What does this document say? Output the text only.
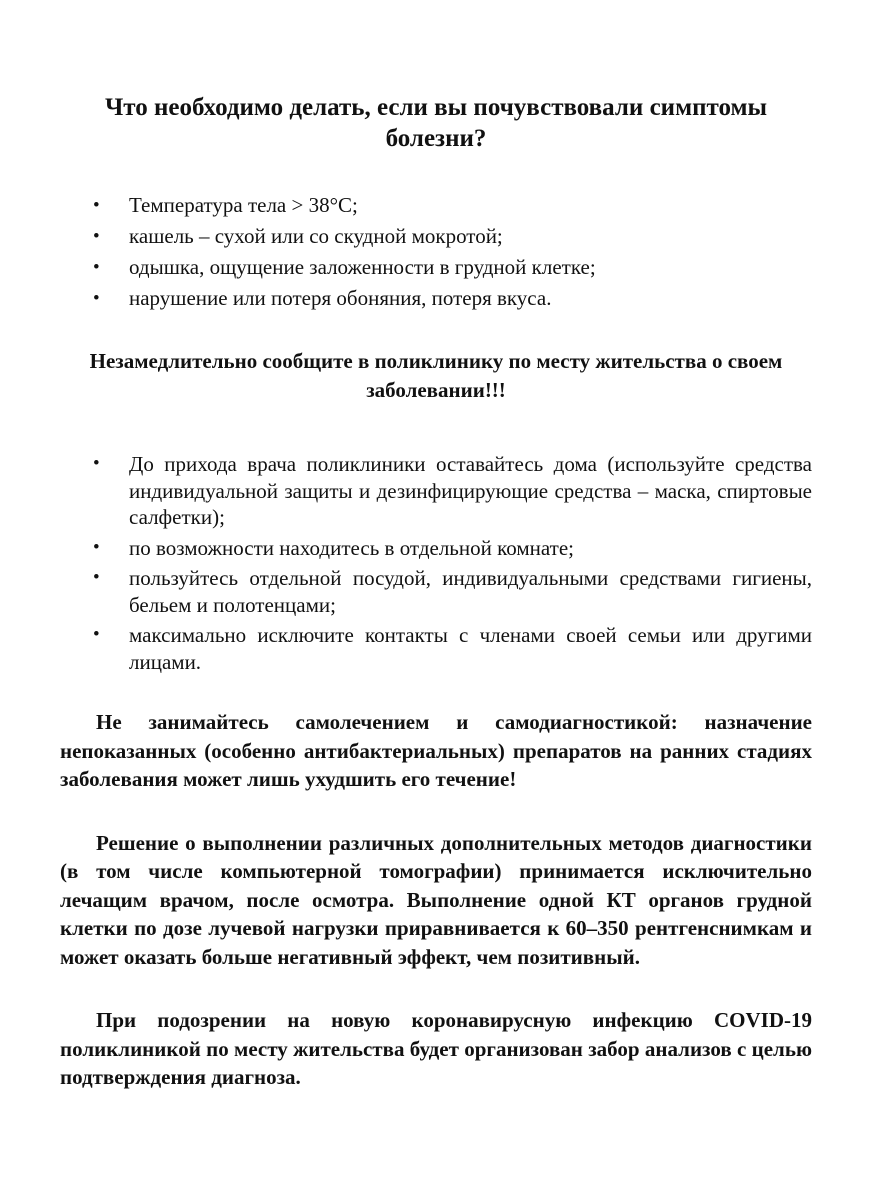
Что необходимо делать, если вы почувствовали симптомы болезни?
• Температура тела > 38°С;
• кашель – сухой или со скудной мокротой;
• одышка, ощущение заложенности в грудной клетке;
• нарушение или потеря обоняния, потеря вкуса.
Незамедлительно сообщите в поликлинику по месту жительства о своем заболевании!!!
• До прихода врача поликлиники оставайтесь дома (используйте средства индивидуальной защиты и дезинфицирующие средства – маска, спиртовые салфетки);
• по возможности находитесь в отдельной комнате;
• пользуйтесь отдельной посудой, индивидуальными средствами гигиены, бельем и полотенцами;
• максимально исключите контакты с членами своей семьи или другими лицами.

Не занимайтесь самолечением и самодиагностикой: назначение непоказанных (особенно антибактериальных) препаратов на ранних стадиях заболевания может лишь ухудшить его течение!

Решение о выполнении различных дополнительных методов диагностики (в том числе компьютерной томографии) принимается исключительно лечащим врачом, после осмотра. Выполнение одной КТ органов грудной клетки по дозе лучевой нагрузки приравнивается к 60–350 рентгенснимкам и может оказать больше негативный эффект, чем позитивный.

При подозрении на новую коронавирусную инфекцию COVID-19 поликлиникой по месту жительства будет организован забор анализов с целью подтверждения диагноза.
